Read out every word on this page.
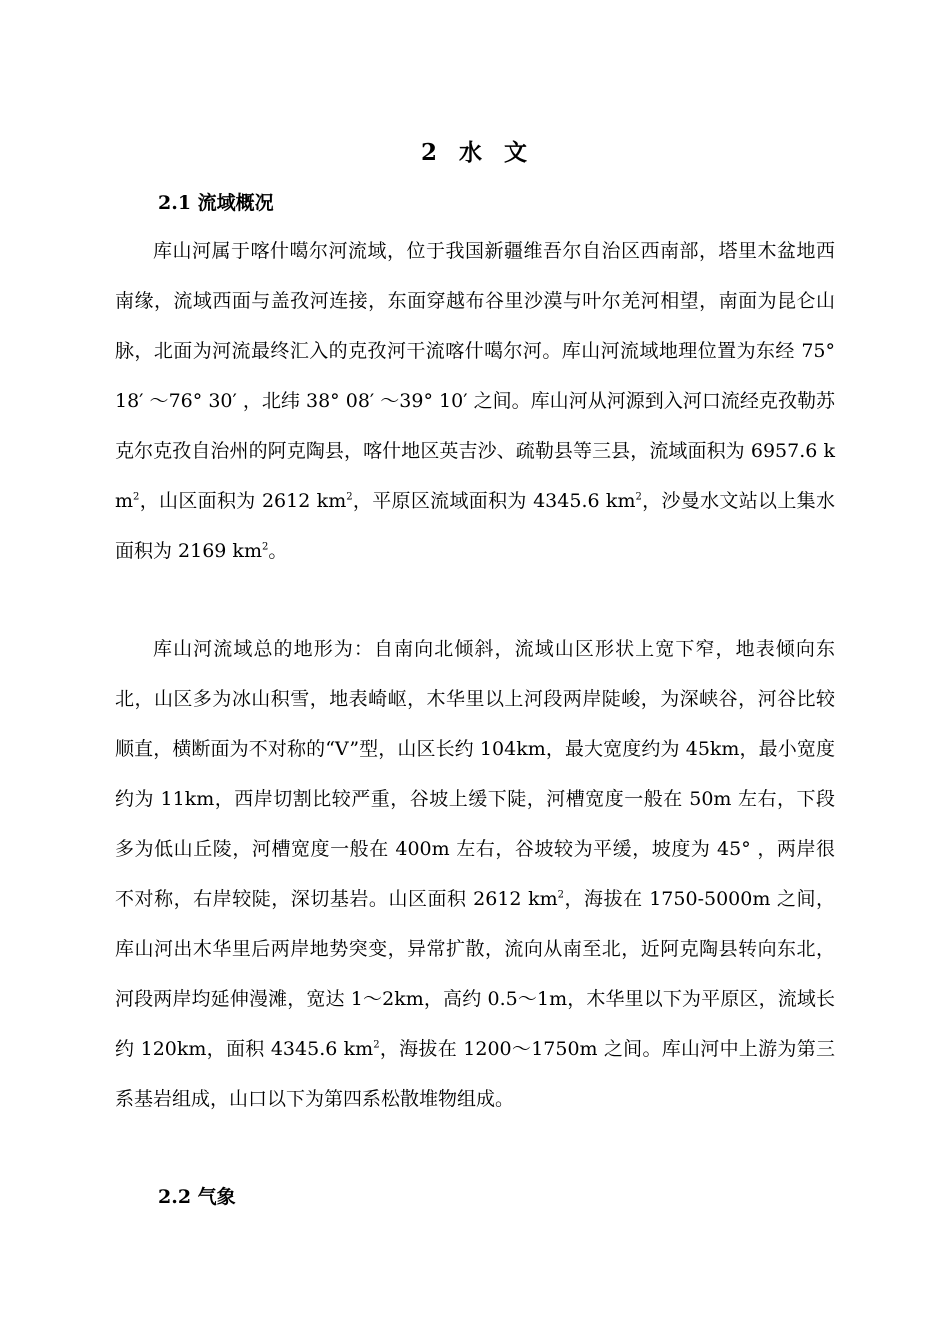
2  水  文
2.1 流域概况
库山河属于喀什噶尔河流域，位于我国新疆维吾尔自治区西南部，塔里木盆地西南缘，流域西面与盖孜河连接，东面穿越布谷里沙漠与叶尔羌河相望，南面为昆仑山脉，北面为河流最终汇入的克孜河干流喀什噶尔河。库山河流域地理位置为东经 75° 18′ ～76° 30′ ，北纬 38° 08′ ～39° 10′ 之间。库山河从河源到入河口流经克孜勒苏克尔克孜自治州的阿克陶县，喀什地区英吉沙、疏勒县等三县，流域面积为 6957.6 $km^2$，山区面积为 2612 $km^2$，平原区流域面积为 4345.6 $km^2$，沙曼水文站以上集水面积为 2169 $km^2$。
库山河流域总的地形为：自南向北倾斜，流域山区形状上宽下窄，地表倾向东北，山区多为冰山积雪，地表崎岖，木华里以上河段两岸陡峻，为深峡谷，河谷比较顺直，横断面为不对称的“V”型，山区长约 104km，最大宽度约为 45km，最小宽度约为 11km，西岸切割比较严重，谷坡上缓下陡，河槽宽度一般在 50m 左右，下段多为低山丘陵，河槽宽度一般在 400m 左右，谷坡较为平缓，坡度为 45° ，两岸很不对称，右岸较陡，深切基岩。山区面积 2612 $km^2$，海拔在 1750-5000m 之间，库山河出木华里后两岸地势突变，异常扩散，流向从南至北，近阿克陶县转向东北，河段两岸均延伸漫滩，宽达 1～2km，高约 0.5～1m，木华里以下为平原区，流域长约 120km，面积 4345.6 $km^2$，海拔在 1200～1750m 之间。库山河中上游为第三系基岩组成，山口以下为第四系松散堆物组成。
2.2 气象
